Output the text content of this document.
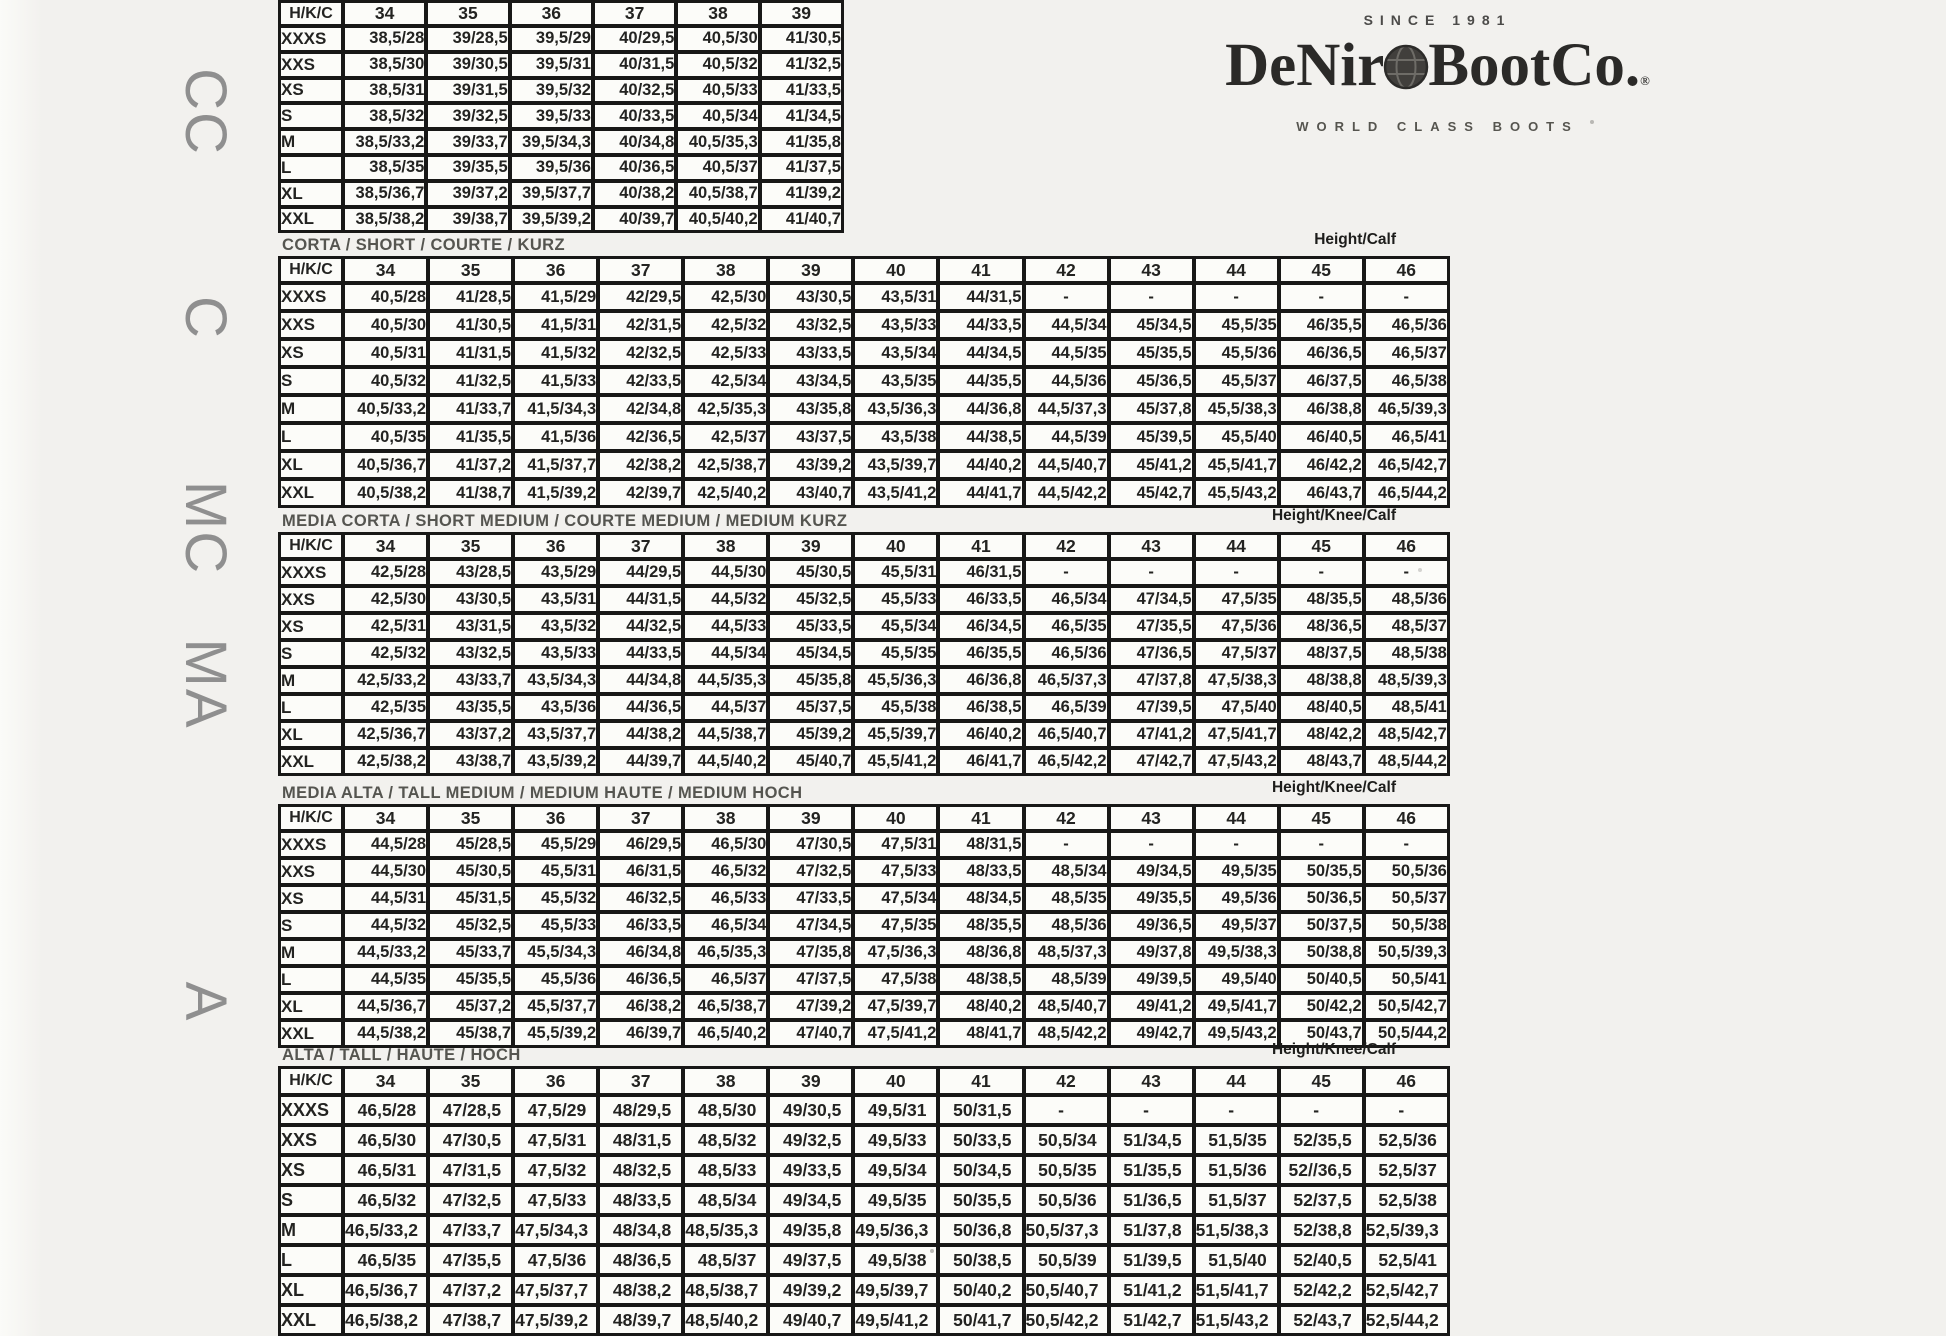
SINCE 1981
DeNir BootCo.®
WORLD CLASS BOOTS
CC
C
MC
MA
A
H/K/C	34	35	36	37	38	39
XXXS	38,5/28	39/28,5	39,5/29	40/29,5	40,5/30	41/30,5
XXS	38,5/30	39/30,5	39,5/31	40/31,5	40,5/32	41/32,5
XS	38,5/31	39/31,5	39,5/32	40/32,5	40,5/33	41/33,5
S	38,5/32	39/32,5	39,5/33	40/33,5	40,5/34	41/34,5
M	38,5/33,2	39/33,7	39,5/34,3	40/34,8	40,5/35,3	41/35,8
L	38,5/35	39/35,5	39,5/36	40/36,5	40,5/37	41/37,5
XL	38,5/36,7	39/37,2	39,5/37,7	40/38,2	40,5/38,7	41/39,2
XXL	38,5/38,2	39/38,7	39,5/39,2	40/39,7	40,5/40,2	41/40,7
CORTA / SHORT / COURTE / KURZ	Height/Calf
H/K/C	34	35	36	37	38	39	40	41	42	43	44	45	46
XXXS	40,5/28	41/28,5	41,5/29	42/29,5	42,5/30	43/30,5	43,5/31	44/31,5	-	-	-	-	-
XXS	40,5/30	41/30,5	41,5/31	42/31,5	42,5/32	43/32,5	43,5/33	44/33,5	44,5/34	45/34,5	45,5/35	46/35,5	46,5/36
XS	40,5/31	41/31,5	41,5/32	42/32,5	42,5/33	43/33,5	43,5/34	44/34,5	44,5/35	45/35,5	45,5/36	46/36,5	46,5/37
S	40,5/32	41/32,5	41,5/33	42/33,5	42,5/34	43/34,5	43,5/35	44/35,5	44,5/36	45/36,5	45,5/37	46/37,5	46,5/38
M	40,5/33,2	41/33,7	41,5/34,3	42/34,8	42,5/35,3	43/35,8	43,5/36,3	44/36,8	44,5/37,3	45/37,8	45,5/38,3	46/38,8	46,5/39,3
L	40,5/35	41/35,5	41,5/36	42/36,5	42,5/37	43/37,5	43,5/38	44/38,5	44,5/39	45/39,5	45,5/40	46/40,5	46,5/41
XL	40,5/36,7	41/37,2	41,5/37,7	42/38,2	42,5/38,7	43/39,2	43,5/39,7	44/40,2	44,5/40,7	45/41,2	45,5/41,7	46/42,2	46,5/42,7
XXL	40,5/38,2	41/38,7	41,5/39,2	42/39,7	42,5/40,2	43/40,7	43,5/41,2	44/41,7	44,5/42,2	45/42,7	45,5/43,2	46/43,7	46,5/44,2
MEDIA CORTA / SHORT MEDIUM / COURTE MEDIUM / MEDIUM KURZ	Height/Knee/Calf
H/K/C	34	35	36	37	38	39	40	41	42	43	44	45	46
XXXS	42,5/28	43/28,5	43,5/29	44/29,5	44,5/30	45/30,5	45,5/31	46/31,5	-	-	-	-	-
XXS	42,5/30	43/30,5	43,5/31	44/31,5	44,5/32	45/32,5	45,5/33	46/33,5	46,5/34	47/34,5	47,5/35	48/35,5	48,5/36
XS	42,5/31	43/31,5	43,5/32	44/32,5	44,5/33	45/33,5	45,5/34	46/34,5	46,5/35	47/35,5	47,5/36	48/36,5	48,5/37
S	42,5/32	43/32,5	43,5/33	44/33,5	44,5/34	45/34,5	45,5/35	46/35,5	46,5/36	47/36,5	47,5/37	48/37,5	48,5/38
M	42,5/33,2	43/33,7	43,5/34,3	44/34,8	44,5/35,3	45/35,8	45,5/36,3	46/36,8	46,5/37,3	47/37,8	47,5/38,3	48/38,8	48,5/39,3
L	42,5/35	43/35,5	43,5/36	44/36,5	44,5/37	45/37,5	45,5/38	46/38,5	46,5/39	47/39,5	47,5/40	48/40,5	48,5/41
XL	42,5/36,7	43/37,2	43,5/37,7	44/38,2	44,5/38,7	45/39,2	45,5/39,7	46/40,2	46,5/40,7	47/41,2	47,5/41,7	48/42,2	48,5/42,7
XXL	42,5/38,2	43/38,7	43,5/39,2	44/39,7	44,5/40,2	45/40,7	45,5/41,2	46/41,7	46,5/42,2	47/42,7	47,5/43,2	48/43,7	48,5/44,2
MEDIA ALTA / TALL MEDIUM / MEDIUM HAUTE / MEDIUM HOCH	Height/Knee/Calf
H/K/C	34	35	36	37	38	39	40	41	42	43	44	45	46
XXXS	44,5/28	45/28,5	45,5/29	46/29,5	46,5/30	47/30,5	47,5/31	48/31,5	-	-	-	-	-
XXS	44,5/30	45/30,5	45,5/31	46/31,5	46,5/32	47/32,5	47,5/33	48/33,5	48,5/34	49/34,5	49,5/35	50/35,5	50,5/36
XS	44,5/31	45/31,5	45,5/32	46/32,5	46,5/33	47/33,5	47,5/34	48/34,5	48,5/35	49/35,5	49,5/36	50/36,5	50,5/37
S	44,5/32	45/32,5	45,5/33	46/33,5	46,5/34	47/34,5	47,5/35	48/35,5	48,5/36	49/36,5	49,5/37	50/37,5	50,5/38
M	44,5/33,2	45/33,7	45,5/34,3	46/34,8	46,5/35,3	47/35,8	47,5/36,3	48/36,8	48,5/37,3	49/37,8	49,5/38,3	50/38,8	50,5/39,3
L	44,5/35	45/35,5	45,5/36	46/36,5	46,5/37	47/37,5	47,5/38	48/38,5	48,5/39	49/39,5	49,5/40	50/40,5	50,5/41
XL	44,5/36,7	45/37,2	45,5/37,7	46/38,2	46,5/38,7	47/39,2	47,5/39,7	48/40,2	48,5/40,7	49/41,2	49,5/41,7	50/42,2	50,5/42,7
XXL	44,5/38,2	45/38,7	45,5/39,2	46/39,7	46,5/40,2	47/40,7	47,5/41,2	48/41,7	48,5/42,2	49/42,7	49,5/43,2	50/43,7	50,5/44,2
ALTA / TALL / HAUTE / HOCH	Height/Knee/Calf
H/K/C	34	35	36	37	38	39	40	41	42	43	44	45	46
XXXS	46,5/28	47/28,5	47,5/29	48/29,5	48,5/30	49/30,5	49,5/31	50/31,5	-	-	-	-	-
XXS	46,5/30	47/30,5	47,5/31	48/31,5	48,5/32	49/32,5	49,5/33	50/33,5	50,5/34	51/34,5	51,5/35	52/35,5	52,5/36
XS	46,5/31	47/31,5	47,5/32	48/32,5	48,5/33	49/33,5	49,5/34	50/34,5	50,5/35	51/35,5	51,5/36	52//36,5	52,5/37
S	46,5/32	47/32,5	47,5/33	48/33,5	48,5/34	49/34,5	49,5/35	50/35,5	50,5/36	51/36,5	51,5/37	52/37,5	52,5/38
M	46,5/33,2	47/33,7	47,5/34,3	48/34,8	48,5/35,3	49/35,8	49,5/36,3	50/36,8	50,5/37,3	51/37,8	51,5/38,3	52/38,8	52,5/39,3
L	46,5/35	47/35,5	47,5/36	48/36,5	48,5/37	49/37,5	49,5/38	50/38,5	50,5/39	51/39,5	51,5/40	52/40,5	52,5/41
XL	46,5/36,7	47/37,2	47,5/37,7	48/38,2	48,5/38,7	49/39,2	49,5/39,7	50/40,2	50,5/40,7	51/41,2	51,5/41,7	52/42,2	52,5/42,7
XXL	46,5/38,2	47/38,7	47,5/39,2	48/39,7	48,5/40,2	49/40,7	49,5/41,2	50/41,7	50,5/42,2	51/42,7	51,5/43,2	52/43,7	52,5/44,2
